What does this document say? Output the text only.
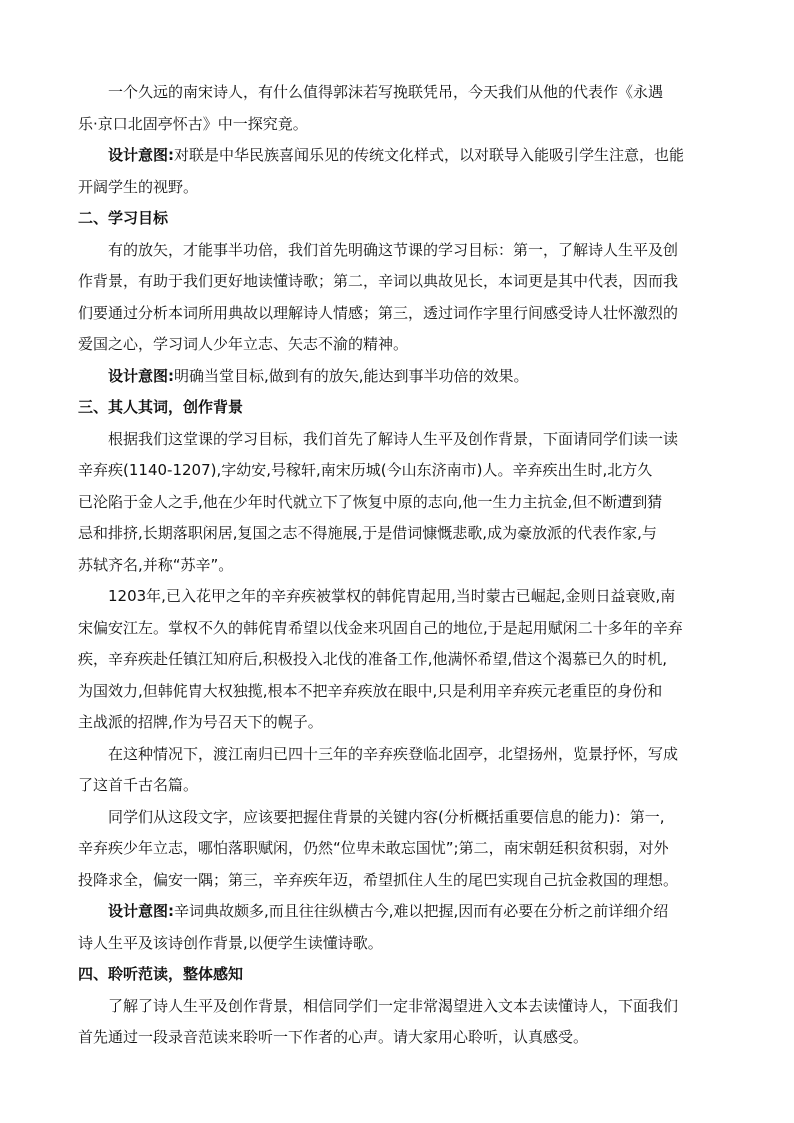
一个久远的南宋诗人，有什么值得郭沫若写挽联凭吊，今天我们从他的代表作《永遇
乐·京口北固亭怀古》中一探究竟。
设计意图:对联是中华民族喜闻乐见的传统文化样式，以对联导入能吸引学生注意，也能
开阔学生的视野。
二、学习目标
有的放矢，才能事半功倍，我们首先明确这节课的学习目标：第一，了解诗人生平及创
作背景，有助于我们更好地读懂诗歌；第二，辛词以典故见长，本词更是其中代表，因而我
们要通过分析本词所用典故以理解诗人情感；第三，透过词作字里行间感受诗人壮怀激烈的
爱国之心，学习词人少年立志、矢志不渝的精神。
设计意图:明确当堂目标,做到有的放矢,能达到事半功倍的效果。
三、其人其词，创作背景
根据我们这堂课的学习目标，我们首先了解诗人生平及创作背景，下面请同学们读一读
辛弃疾(1140-1207),字幼安,号稼轩,南宋历城(今山东济南市)人。辛弃疾出生时,北方久
已沦陷于金人之手,他在少年时代就立下了恢复中原的志向,他一生力主抗金,但不断遭到猜
忌和排挤,长期落职闲居,复国之志不得施展,于是借词慷慨悲歌,成为豪放派的代表作家,与
苏轼齐名,并称“苏辛”。
1203年,已入花甲之年的辛弃疾被掌权的韩侂胄起用,当时蒙古已崛起,金则日益衰败,南
宋偏安江左。掌权不久的韩侂胄希望以伐金来巩固自己的地位,于是起用赋闲二十多年的辛弃
疾，辛弃疾赴任镇江知府后,积极投入北伐的准备工作,他满怀希望,借这个渴慕已久的时机,
为国效力,但韩侂胄大权独揽,根本不把辛弃疾放在眼中,只是利用辛弃疾元老重臣的身份和
主战派的招牌,作为号召天下的幌子。
在这种情况下，渡江南归已四十三年的辛弃疾登临北固亭，北望扬州，览景抒怀，写成
了这首千古名篇。
同学们从这段文字，应该要把握住背景的关键内容(分析概括重要信息的能力)：第一,
辛弃疾少年立志，哪怕落职赋闲，仍然“位卑未敢忘国忧”;第二，南宋朝廷积贫积弱，对外
投降求全，偏安一隅；第三，辛弃疾年迈，希望抓住人生的尾巴实现自己抗金救国的理想。
设计意图:辛词典故颇多,而且往往纵横古今,难以把握,因而有必要在分析之前详细介绍
诗人生平及该诗创作背景,以便学生读懂诗歌。
四、聆听范读，整体感知
了解了诗人生平及创作背景，相信同学们一定非常渴望进入文本去读懂诗人，下面我们
首先通过一段录音范读来聆听一下作者的心声。请大家用心聆听，认真感受。
